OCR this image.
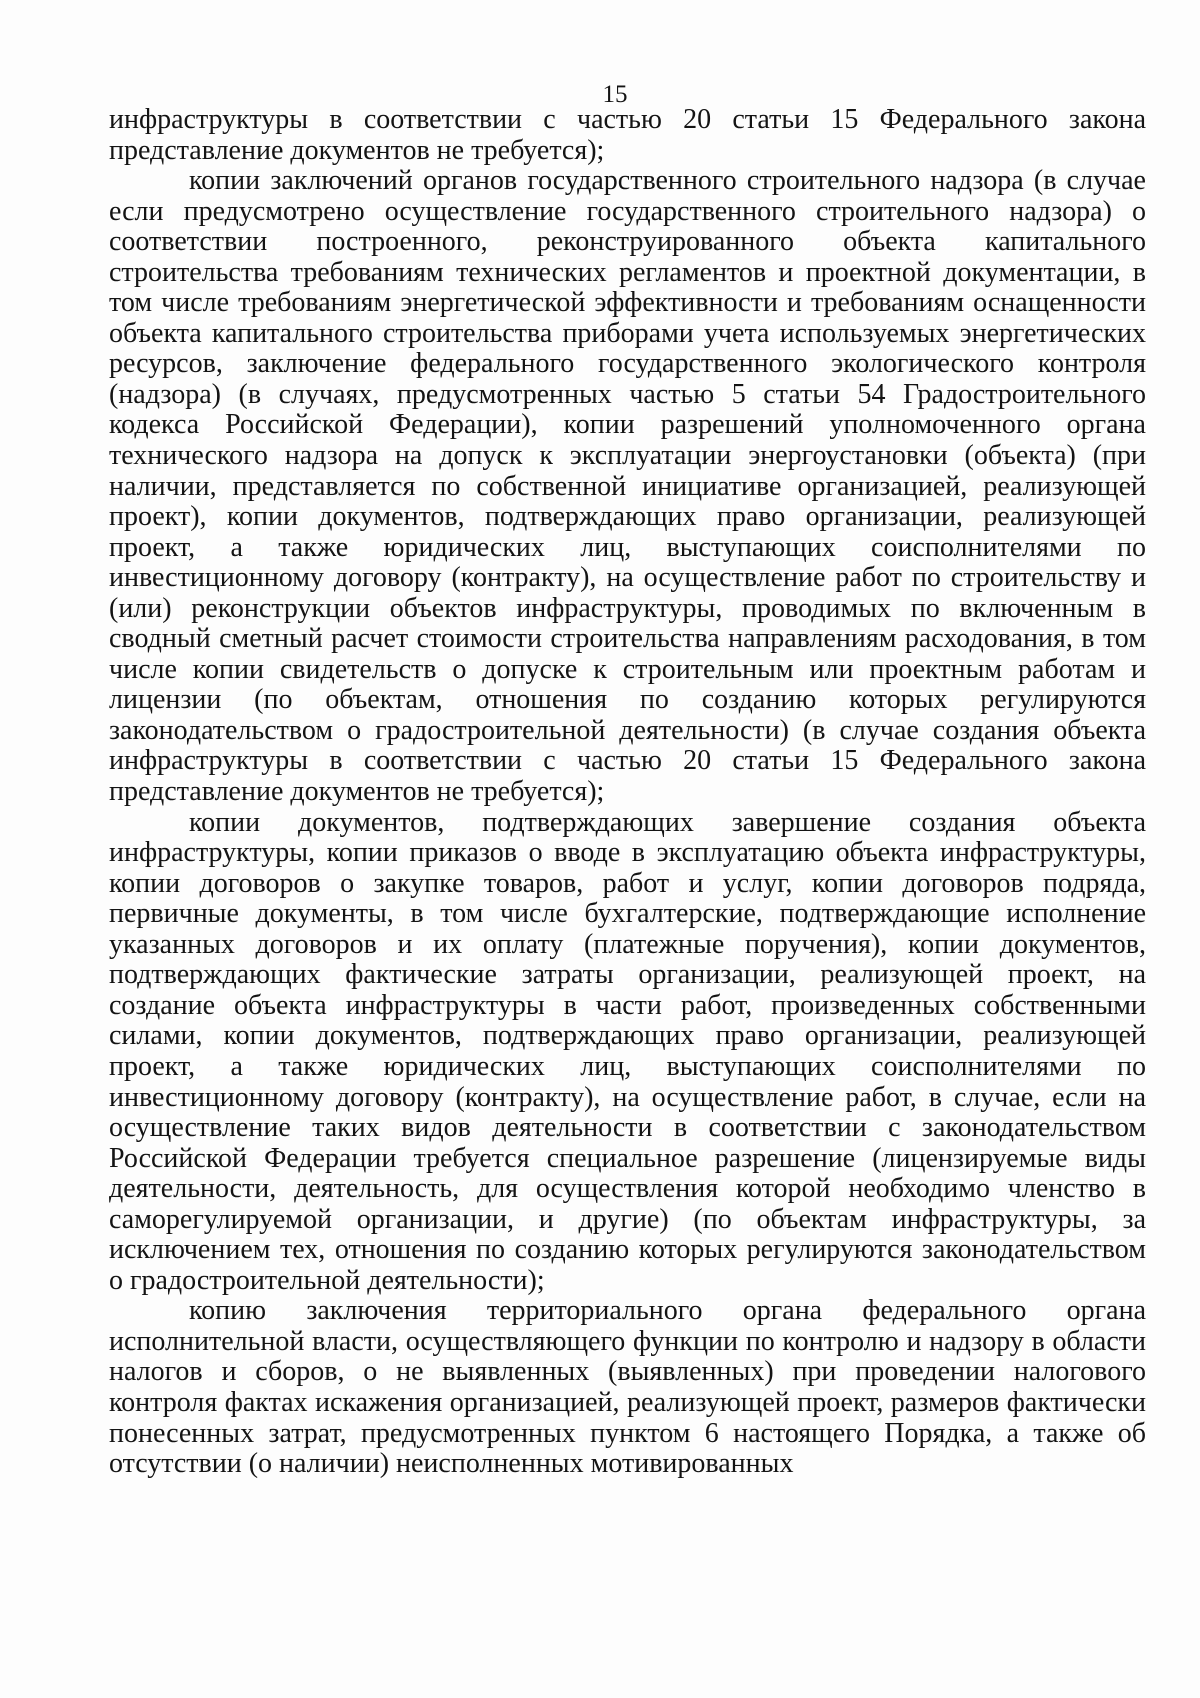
15

инфраструктуры в соответствии с частью 20 статьи 15 Федерального закона представление документов не требуется);

копии заключений органов государственного строительного надзора (в случае если предусмотрено осуществление государственного строительного надзора) о соответствии построенного, реконструированного объекта капитального строительства требованиям технических регламентов и проектной документации, в том числе требованиям энергетической эффективности и требованиям оснащенности объекта капитального строительства приборами учета используемых энергетических ресурсов, заключение федерального государственного экологического контроля (надзора) (в случаях, предусмотренных частью 5 статьи 54 Градостроительного кодекса Российской Федерации), копии разрешений уполномоченного органа технического надзора на допуск к эксплуатации энергоустановки (объекта) (при наличии, представляется по собственной инициативе организацией, реализующей проект), копии документов, подтверждающих право организации, реализующей проект, а также юридических лиц, выступающих соисполнителями по инвестиционному договору (контракту), на осуществление работ по строительству и (или) реконструкции объектов инфраструктуры, проводимых по включенным в сводный сметный расчет стоимости строительства направлениям расходования, в том числе копии свидетельств о допуске к строительным или проектным работам и лицензии (по объектам, отношения по созданию которых регулируются законодательством о градостроительной деятельности) (в случае создания объекта инфраструктуры в соответствии с частью 20 статьи 15 Федерального закона представление документов не требуется);

копии документов, подтверждающих завершение создания объекта инфраструктуры, копии приказов о вводе в эксплуатацию объекта инфраструктуры, копии договоров о закупке товаров, работ и услуг, копии договоров подряда, первичные документы, в том числе бухгалтерские, подтверждающие исполнение указанных договоров и их оплату (платежные поручения), копии документов, подтверждающих фактические затраты организации, реализующей проект, на создание объекта инфраструктуры в части работ, произведенных собственными силами, копии документов, подтверждающих право организации, реализующей проект, а также юридических лиц, выступающих соисполнителями по инвестиционному договору (контракту), на осуществление работ, в случае, если на осуществление таких видов деятельности в соответствии с законодательством Российской Федерации требуется специальное разрешение (лицензируемые виды деятельности, деятельность, для осуществления которой необходимо членство в саморегулируемой организации, и другие) (по объектам инфраструктуры, за исключением тех, отношения по созданию которых регулируются законодательством о градостроительной деятельности);

копию заключения территориального органа федерального органа исполнительной власти, осуществляющего функции по контролю и надзору в области налогов и сборов, о не выявленных (выявленных) при проведении налогового контроля фактах искажения организацией, реализующей проект, размеров фактически понесенных затрат, предусмотренных пунктом 6 настоящего Порядка, а также об отсутствии (о наличии) неисполненных мотивированных
